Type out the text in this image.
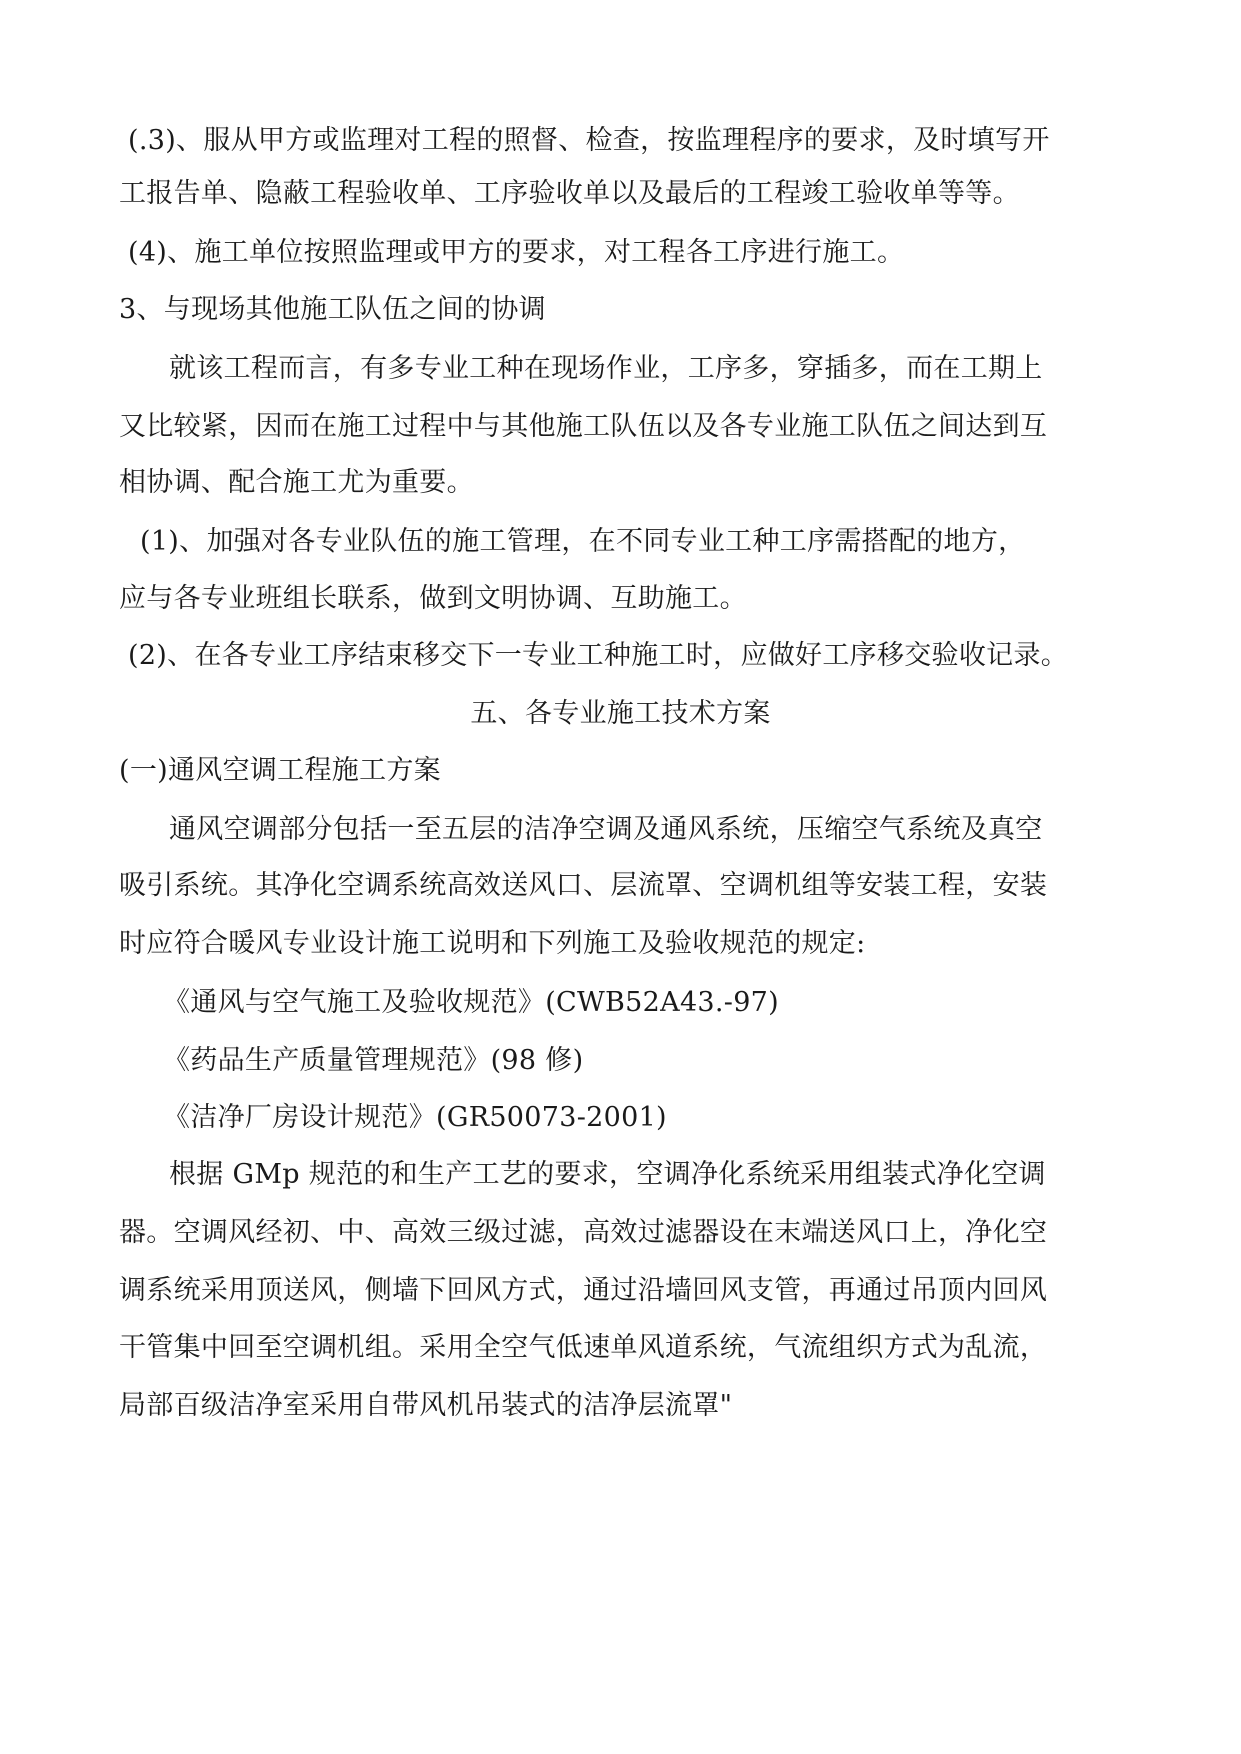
(.3)、服从甲方或监理对工程的照督、检查，按监理程序的要求，及时填写开
工报告单、隐蔽工程验收单、工序验收单以及最后的工程竣工验收单等等。
(4)、施工单位按照监理或甲方的要求，对工程各工序进行施工。
3、与现场其他施工队伍之间的协调
就该工程而言，有多专业工种在现场作业，工序多，穿插多，而在工期上
又比较紧，因而在施工过程中与其他施工队伍以及各专业施工队伍之间达到互
相协调、配合施工尤为重要。
(1)、加强对各专业队伍的施工管理，在不同专业工种工序需搭配的地方，
应与各专业班组长联系，做到文明协调、互助施工。
(2)、在各专业工序结束移交下一专业工种施工时，应做好工序移交验收记录。
五、各专业施工技术方案
(一)通风空调工程施工方案
通风空调部分包括一至五层的洁净空调及通风系统，压缩空气系统及真空
吸引系统。其净化空调系统高效送风口、层流罩、空调机组等安装工程，安装
时应符合暖风专业设计施工说明和下列施工及验收规范的规定:
《通风与空气施工及验收规范》(CWB52A43.-97)
《药品生产质量管理规范》(98 修)
《洁净厂房设计规范》(GR50073-2001)
根据 GMp 规范的和生产工艺的要求，空调净化系统采用组装式净化空调
器。空调风经初、中、高效三级过滤，高效过滤器设在末端送风口上，净化空
调系统采用顶送风，侧墙下回风方式，通过沿墙回风支管，再通过吊顶内回风
干管集中回至空调机组。采用全空气低速单风道系统，气流组织方式为乱流，
局部百级洁净室采用自带风机吊装式的洁净层流罩"
